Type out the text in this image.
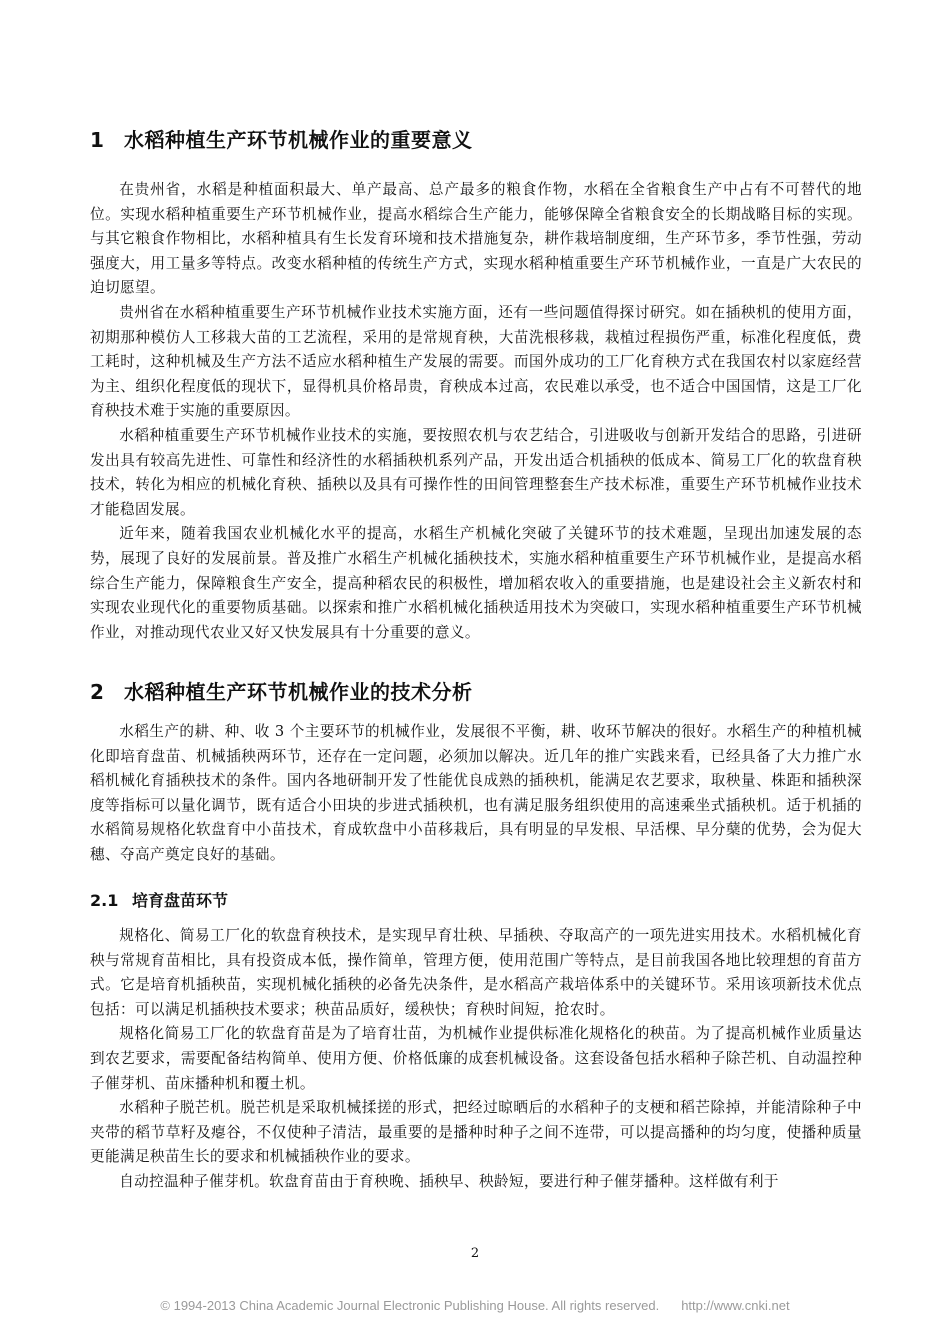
1 水稻种植生产环节机械作业的重要意义

在贵州省，水稻是种植面积最大、单产最高、总产最多的粮食作物，水稻在全省粮食生产中占有不可替代的地位。实现水稻种植重要生产环节机械作业，提高水稻综合生产能力，能够保障全省粮食安全的长期战略目标的实现。与其它粮食作物相比，水稻种植具有生长发育环境和技术措施复杂，耕作栽培制度细，生产环节多，季节性强，劳动强度大，用工量多等特点。改变水稻种植的传统生产方式，实现水稻种植重要生产环节机械作业，一直是广大农民的迫切愿望。

贵州省在水稻种植重要生产环节机械作业技术实施方面，还有一些问题值得探讨研究。如在插秧机的使用方面，初期那种模仿人工移栽大苗的工艺流程，采用的是常规育秧，大苗洗根移栽，栽植过程损伤严重，标准化程度低，费工耗时，这种机械及生产方法不适应水稻种植生产发展的需要。而国外成功的工厂化育秧方式在我国农村以家庭经营为主、组织化程度低的现状下，显得机具价格昂贵，育秧成本过高，农民难以承受，也不适合中国国情，这是工厂化育秧技术难于实施的重要原因。

水稻种植重要生产环节机械作业技术的实施，要按照农机与农艺结合，引进吸收与创新开发结合的思路，引进研发出具有较高先进性、可靠性和经济性的水稻插秧机系列产品，开发出适合机插秧的低成本、简易工厂化的软盘育秧技术，转化为相应的机械化育秧、插秧以及具有可操作性的田间管理整套生产技术标准，重要生产环节机械作业技术才能稳固发展。

近年来，随着我国农业机械化水平的提高，水稻生产机械化突破了关键环节的技术难题，呈现出加速发展的态势，展现了良好的发展前景。普及推广水稻生产机械化插秧技术，实施水稻种植重要生产环节机械作业，是提高水稻综合生产能力，保障粮食生产安全，提高种稻农民的积极性，增加稻农收入的重要措施，也是建设社会主义新农村和实现农业现代化的重要物质基础。以探索和推广水稻机械化插秧适用技术为突破口，实现水稻种植重要生产环节机械作业，对推动现代农业又好又快发展具有十分重要的意义。

2 水稻种植生产环节机械作业的技术分析

水稻生产的耕、种、收 3 个主要环节的机械作业，发展很不平衡，耕、收环节解决的很好。水稻生产的种植机械化即培育盘苗、机械插秧两环节，还存在一定问题，必须加以解决。近几年的推广实践来看，已经具备了大力推广水稻机械化育插秧技术的条件。国内各地研制开发了性能优良成熟的插秧机，能满足农艺要求，取秧量、株距和插秧深度等指标可以量化调节，既有适合小田块的步进式插秧机，也有满足服务组织使用的高速乘坐式插秧机。适于机插的水稻简易规格化软盘育中小苗技术，育成软盘中小苗移栽后，具有明显的早发根、早活棵、早分蘖的优势，会为促大穗、夺高产奠定良好的基础。

2.1 培育盘苗环节

规格化、简易工厂化的软盘育秧技术，是实现早育壮秧、早插秧、夺取高产的一项先进实用技术。水稻机械化育秧与常规育苗相比，具有投资成本低，操作简单，管理方便，使用范围广等特点，是目前我国各地比较理想的育苗方式。它是培育机插秧苗，实现机械化插秧的必备先决条件，是水稻高产栽培体系中的关键环节。采用该项新技术优点包括：可以满足机插秧技术要求；秧苗品质好，缓秧快；育秧时间短，抢农时。

规格化简易工厂化的软盘育苗是为了培育壮苗，为机械作业提供标准化规格化的秧苗。为了提高机械作业质量达到农艺要求，需要配备结构简单、使用方便、价格低廉的成套机械设备。这套设备包括水稻种子除芒机、自动温控种子催芽机、苗床播种机和覆土机。

水稻种子脱芒机。脱芒机是采取机械揉搓的形式，把经过晾晒后的水稻种子的支梗和稻芒除掉，并能清除种子中夹带的稻节草籽及瘪谷，不仅使种子清洁，最重要的是播种时种子之间不连带，可以提高播种的均匀度，使播种质量更能满足秧苗生长的要求和机械插秧作业的要求。

自动控温种子催芽机。软盘育苗由于育秧晚、插秧早、秧龄短，要进行种子催芽播种。这样做有利于

2
© 1994-2013 China Academic Journal Electronic Publishing House. All rights reserved. http://www.cnki.net
